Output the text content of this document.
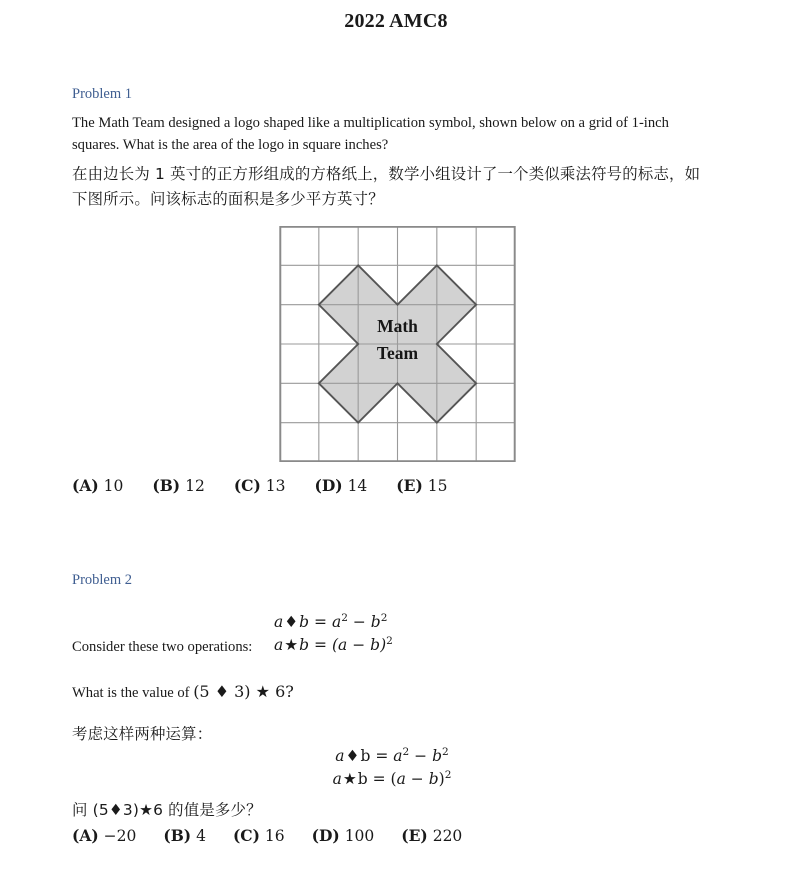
2022 AMC8
Problem 1
The Math Team designed a logo shaped like a multiplication symbol, shown below on a grid of 1-inch squares. What is the area of the logo in square inches?
在由边长为 1 英寸的正方形组成的方格纸上，数学小组设计了一个类似乘法符号的标志，如下图所示。问该标志的面积是多少平方英寸？
Math
Team
(A) 10 (B) 12 (C) 13 (D) 14 (E) 15
Problem 2
Consider these two operations:
a♦b = $a^2 - b^2$
a★b = $(a - b)^2$
What is the value of (5 ♦ 3) ★ 6?
考虑这样两种运算：
a♦b = $a^2 - b^2$
a★b = $(a - b)^2$
问 (5♦3)★6 的值是多少？
(A) −20 (B) 4 (C) 16 (D) 100 (E) 220
